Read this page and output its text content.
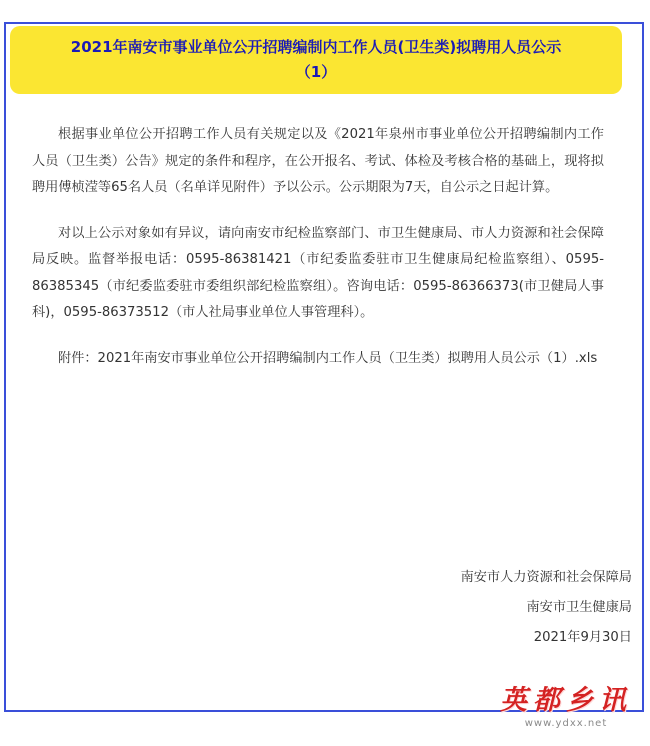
2021年南安市事业单位公开招聘编制内工作人员(卫生类)拟聘用人员公示
（1）

根据事业单位公开招聘工作人员有关规定以及《2021年泉州市事业单位公开招聘编制内工作人员（卫生类）公告》规定的条件和程序，在公开报名、考试、体检及考核合格的基础上，现将拟聘用傅桢滢等65名人员（名单详见附件）予以公示。公示期限为7天，自公示之日起计算。

对以上公示对象如有异议，请向南安市纪检监察部门、市卫生健康局、市人力资源和社会保障局反映。监督举报电话：0595-86381421（市纪委监委驻市卫生健康局纪检监察组）、0595-86385345（市纪委监委驻市委组织部纪检监察组）。咨询电话：0595-86366373(市卫健局人事科)，0595-86373512（市人社局事业单位人事管理科）。

附件：2021年南安市事业单位公开招聘编制内工作人员（卫生类）拟聘用人员公示（1）.xls

南安市人力资源和社会保障局
南安市卫生健康局
2021年9月30日
英都乡讯
www.ydxx.net
